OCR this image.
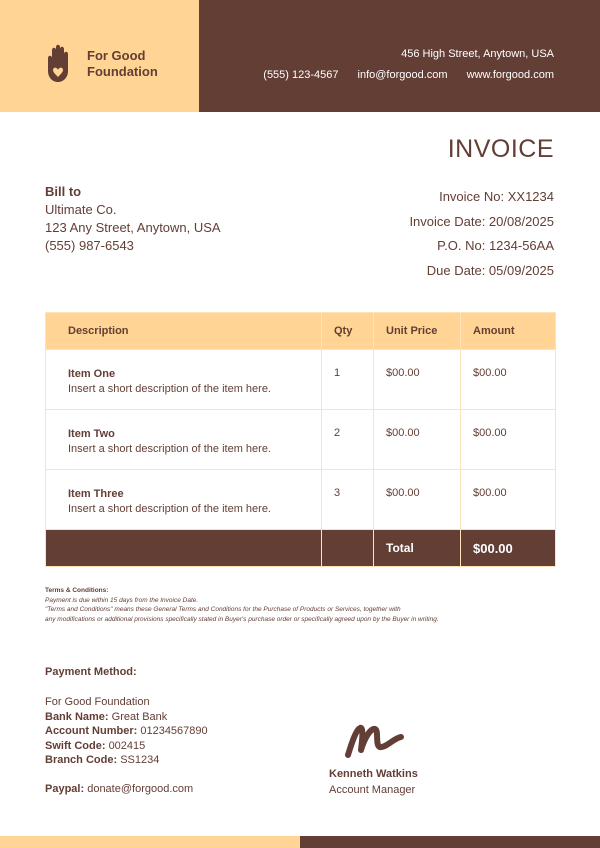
For Good Foundation
456 High Street, Anytown, USA
(555) 123-4567 info@forgood.com www.forgood.com
INVOICE
Bill to
Ultimate Co.
123 Any Street, Anytown, USA
(555) 987-6543
Invoice No: XX1234
Invoice Date: 20/08/2025
P.O. No: 1234-56AA
Due Date: 05/09/2025
Description	Qty	Unit Price	Amount

Item One
Insert a short description of the item here.	1	$00.00	$00.00

Item Two
Insert a short description of the item here.	2	$00.00	$00.00

Item Three
Insert a short description of the item here.	3	$00.00	$00.00
		Total	$00.00
Terms & Conditions:
Payment is due within 15 days from the Invoice Date.
"Terms and Conditions" means these General Terms and Conditions for the Purchase of Products or Services, together with
any modifications or additional provisions specifically stated in Buyer's purchase order or specifically agreed upon by the Buyer in writing.
Payment Method:
For Good Foundation
Bank Name: Great Bank
Account Number: 01234567890
Swift Code: 002415
Branch Code: SS1234
Paypal: donate@forgood.com
Kenneth Watkins
Account Manager
